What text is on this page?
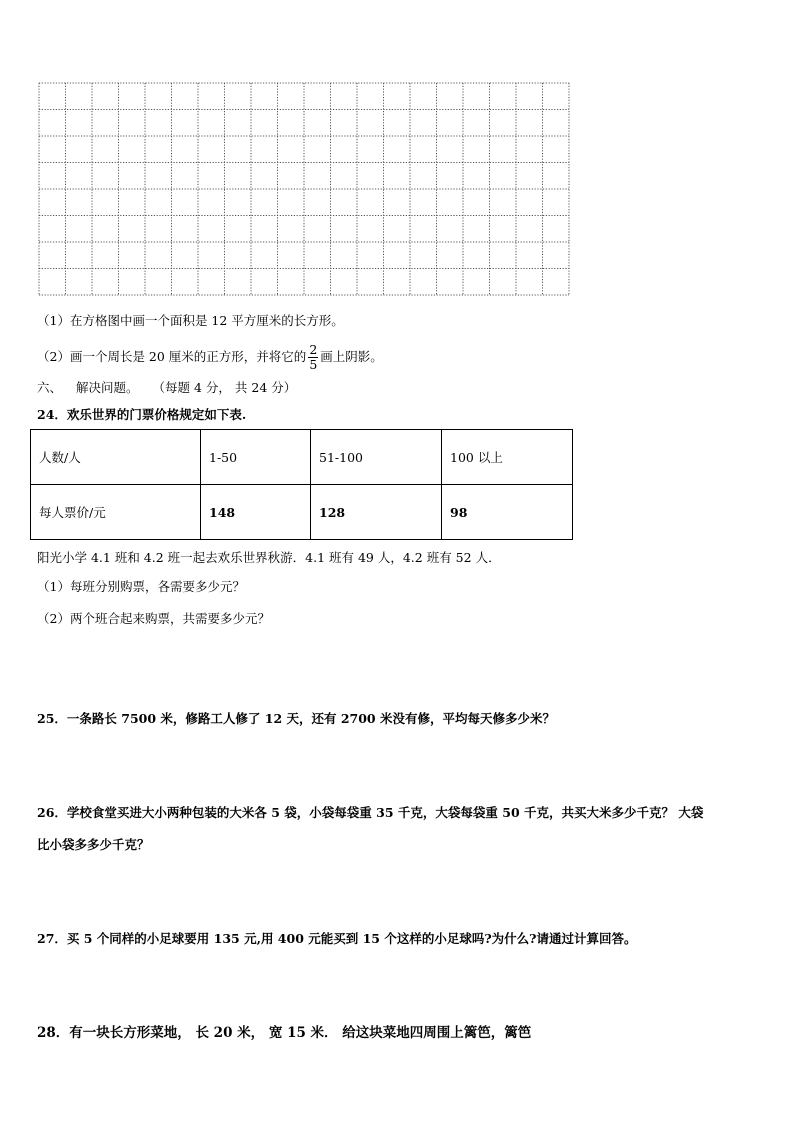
（1）在方格图中画一个面积是 12 平方厘米的长方形。
（2）画一个周长是 20 厘米的正方形，并将它的 $\frac{2}{5}$ 画上阴影。
六、 解决问题。 （每题 4 分， 共 24 分）
24．欢乐世界的门票价格规定如下表.
人数/人	1-50	51-100	100 以上
每人票价/元	148	128	98
阳光小学 4.1 班和 4.2 班一起去欢乐世界秋游．4.1 班有 49 人，4.2 班有 52 人．
（1）每班分别购票，各需要多少元？
（2）两个班合起来购票，共需要多少元？
25．一条路长 7500 米，修路工人修了 12 天，还有 2700 米没有修，平均每天修多少米？
26．学校食堂买进大小两种包装的大米各 5 袋，小袋每袋重 35 千克，大袋每袋重 50 千克，共买大米多少千克？ 大袋
比小袋多多少千克？
27．买 5 个同样的小足球要用 135 元,用 400 元能买到 15 个这样的小足球吗?为什么?请通过计算回答。
28．有一块长方形菜地， 长 20 米， 宽 15 米． 给这块菜地四周围上篱笆，篱笆
